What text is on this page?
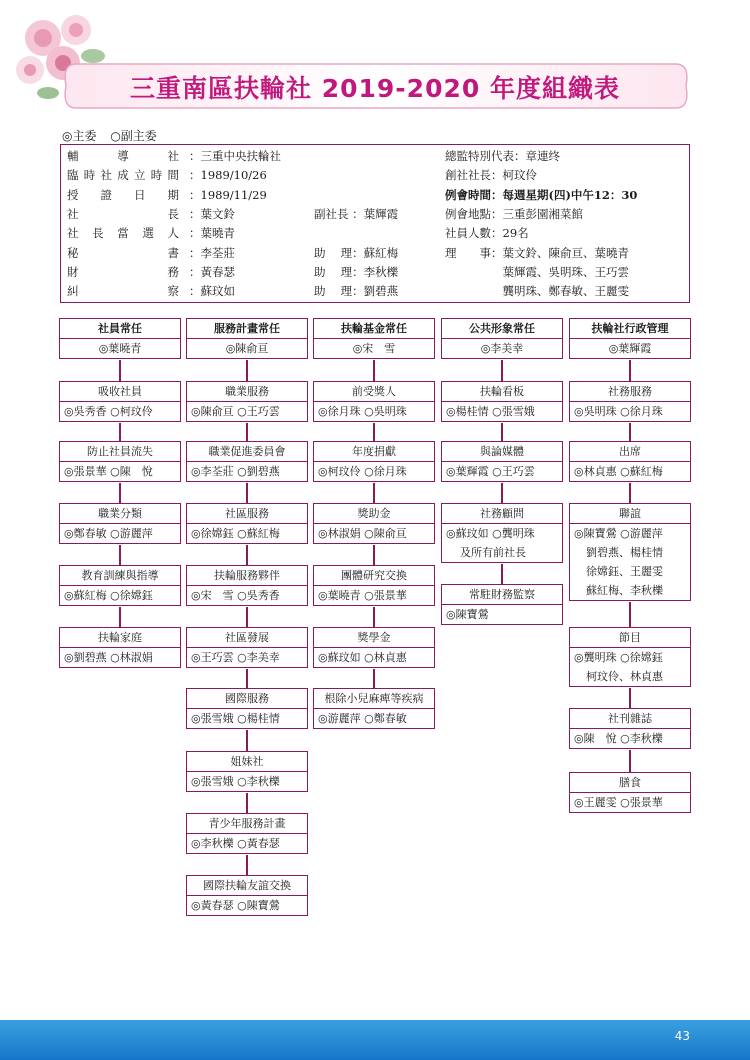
三重南區扶輪社 2019-2020 年度組織表
◎主委 ○副主委
輔	導	社 ：三重中央扶輪社	總監特別代表：章連终
臨 時 社 成 立 時 間 ：1989/10/26	創社社長：柯玟伶
授 證 日 期 ：1989/11/29	例會時間：每週星期(四)中午12：30
社	長 ：葉文鈴	副社長 ：葉輝霞	例會地點：三重彭園湘菜館
社 長 當 選 人 ：葉曉青	社員人數：29名
秘	書 ：李荃莊	助　 理：蘇紅梅	理　　事：葉文鈴、陳俞亘、葉曉青
財	務 ：黃春瑟	助　 理：李秋櫟	　　　　　葉輝霞、吳明珠、王巧雲
糾	察 ：蘇玟如	助　 理：劉碧燕	　　　　　龔明珠、鄭春敏、王麗雯
社員常任
◎葉曉青
吸收社員
◎吳秀香 ○柯玟伶
防止社員流失
◎張景華 ○陳　悅
職業分類
◎鄭春敏 ○游麗萍
教育訓練與指導
◎蘇紅梅 ○徐嫦鈺
扶輪家庭
◎劉碧燕 ○林淑娟
服務計畫常任
◎陳俞亘
職業服務
◎陳俞亘 ○王巧雲
職業促進委員會
◎李荃莊 ○劉碧燕
社區服務
◎徐嫦鈺 ○蘇紅梅
扶輪服務夥伴
◎宋　雪 ○吳秀香
社區發展
◎王巧雲 ○李美幸
國際服務
◎張雪娥 ○楊桂情
姐妹社
◎張雪娥 ○李秋櫟
青少年服務計畫
◎李秋櫟 ○黃春瑟
國際扶輪友誼交換
◎黃春瑟 ○陳寶鶯
扶輪基金常任
◎宋　雪
前受獎人
◎徐月珠 ○吳明珠
年度捐獻
◎柯玟伶 ○徐月珠
獎助金
◎林淑娟 ○陳俞亘
團體研究交換
◎葉曉青 ○張景華
獎學金
◎蘇玟如 ○林貞惠
根除小兒麻痺等疾病
◎游麗萍 ○鄭春敏
公共形象常任
◎李美幸
扶輪看板
◎楊桂情 ○張雪娥
與論媒體
◎葉輝霞 ○王巧雲
社務顧問
◎蘇玟如 ○龔明珠
及所有前社長
常駐財務監察
◎陳寶鶯
扶輪社行政管理
◎葉輝霞
社務服務
◎吳明珠 ○徐月珠
出席
◎林貞惠 ○蘇紅梅
聯誼
◎陳寶鶯 ○游麗萍
劉碧燕、楊桂情
徐嫦鈺、王麗雯
蘇紅梅、李秋櫟
節目
◎龔明珠 ○徐嫦鈺
柯玟伶、林貞惠
社刊雜誌
◎陳　悅 ○李秋櫟
膳食
◎王麗雯 ○張景華
43
